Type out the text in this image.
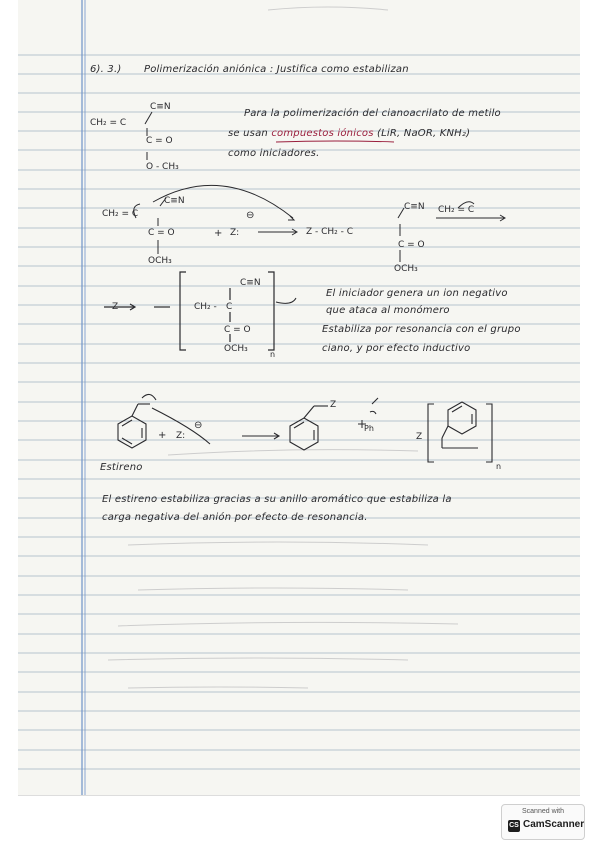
6). 3.) Polimerización aniónica : Justifica como estabilizan
C≡N
CH₂ = C
C = O
O - CH₃
Para la polimerización del cianoacrilato de metilo
se usan compuestos iónicos (LiR, NaOR, KNH₂)
como iniciadores.
C≡N
CH₂ = C
C = O
OCH₃
+ Z:
⊖
Z - CH₂ - C
C≡N
C = O
OCH₃
CH₂ = C
Z	CH₂ - C
C≡N
C = O
OCH₃
n
El iniciador genera un ion negativo
que ataca al monómero
Estabiliza por resonancia con el grupo
ciano, y por efecto inductivo
+ Z:
⊖
Z
Ph
Z
n
Estireno
El estireno estabiliza gracias a su anillo aromático que estabiliza la
carga negativa del anión por efecto de resonancia.
Scanned with
CS CamScanner
